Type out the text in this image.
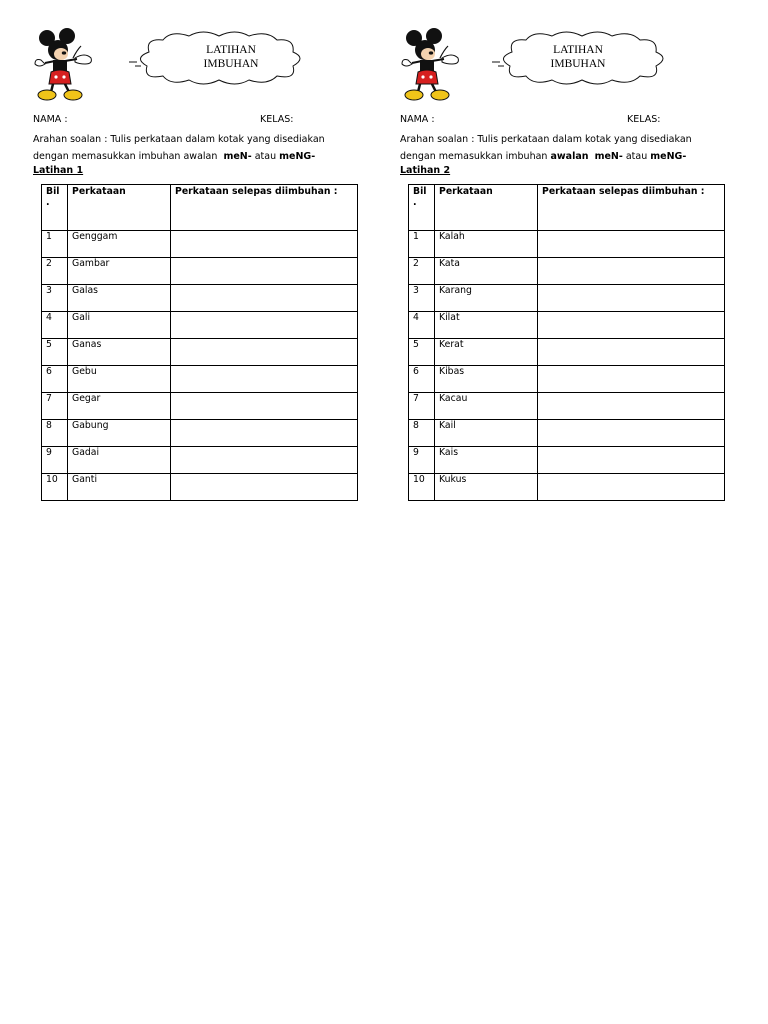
LATIHAN
IMBUHAN
NAMA :	KELAS:
Arahan soalan : Tulis perkataan dalam kotak yang disediakan
dengan memasukkan imbuhan awalan meN- atau meNG-
Latihan 1
Bil
.	Perkataan	Perkataan selepas diimbuhan :
1	Genggam	
2	Gambar	
3	Galas	
4	Gali	
5	Ganas	
6	Gebu	
7	Gegar	
8	Gabung	
9	Gadai	
10	Ganti	
LATIHAN
IMBUHAN
NAMA :	KELAS:
Arahan soalan : Tulis perkataan dalam kotak yang disediakan
dengan memasukkan imbuhan awalan meN- atau meNG-
Latihan 2
Bil
.	Perkataan	Perkataan selepas diimbuhan :
1	Kalah	
2	Kata	
3	Karang	
4	Kilat	
5	Kerat	
6	Kibas	
7	Kacau	
8	Kail	
9	Kais	
10	Kukus	
